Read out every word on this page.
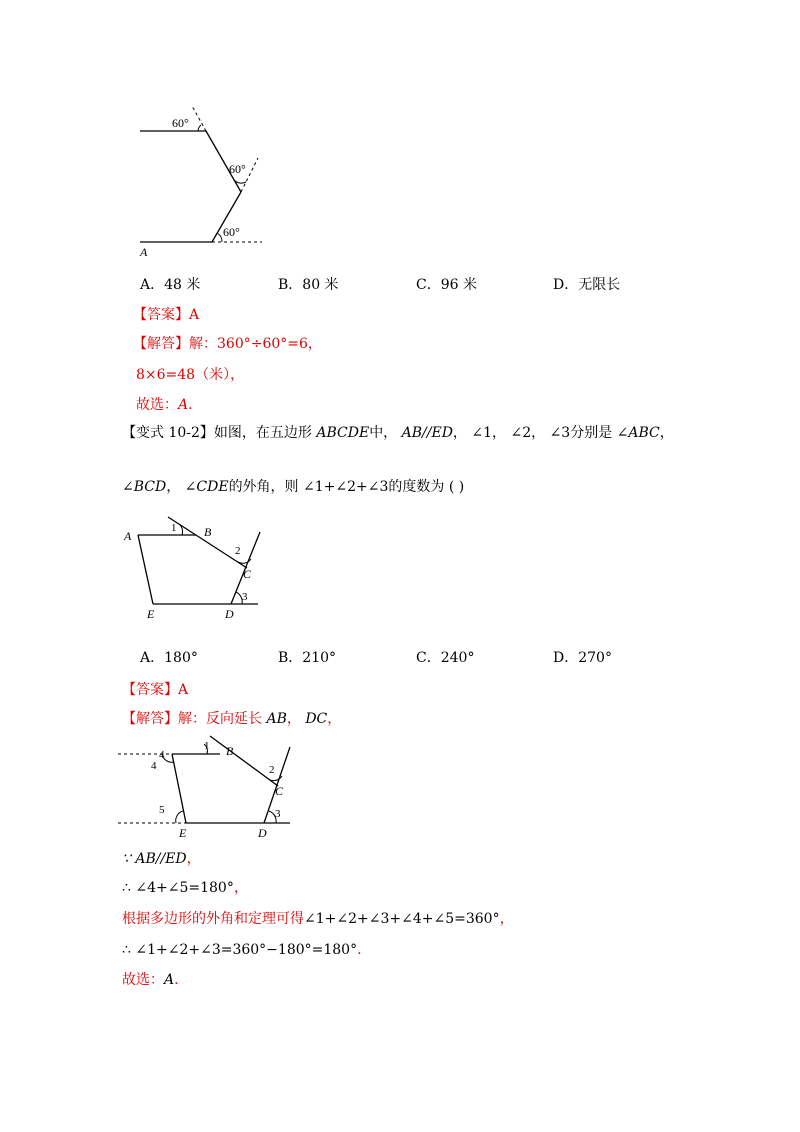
60°
60°
60°
A
A．48 米	B．80 米	C．96 米	D．无限长
【答案】A
【解答】解：360°÷60°=6，
8×6=48（米），
故选：A.
【变式 10-2】如图，在五边形 ABCDE中， AB//ED， ∠1， ∠2， ∠3分别是 ∠ABC，
∠BCD， ∠CDE的外角，则 ∠1+∠2+∠3的度数为 ( )
A	B
C
D
E
1
2
3
A．180°	B．210°	C．240°	D．270°
【答案】A
【解答】解：反向延长 AB， DC，
4
4
5
1
2
3
B
C
E	D
∵ AB//ED，
∴ ∠4+∠5=180°，
根据多边形的外角和定理可得∠1+∠2+∠3+∠4+∠5=360°，
∴ ∠1+∠2+∠3=360°−180°=180°.
故选：A.
